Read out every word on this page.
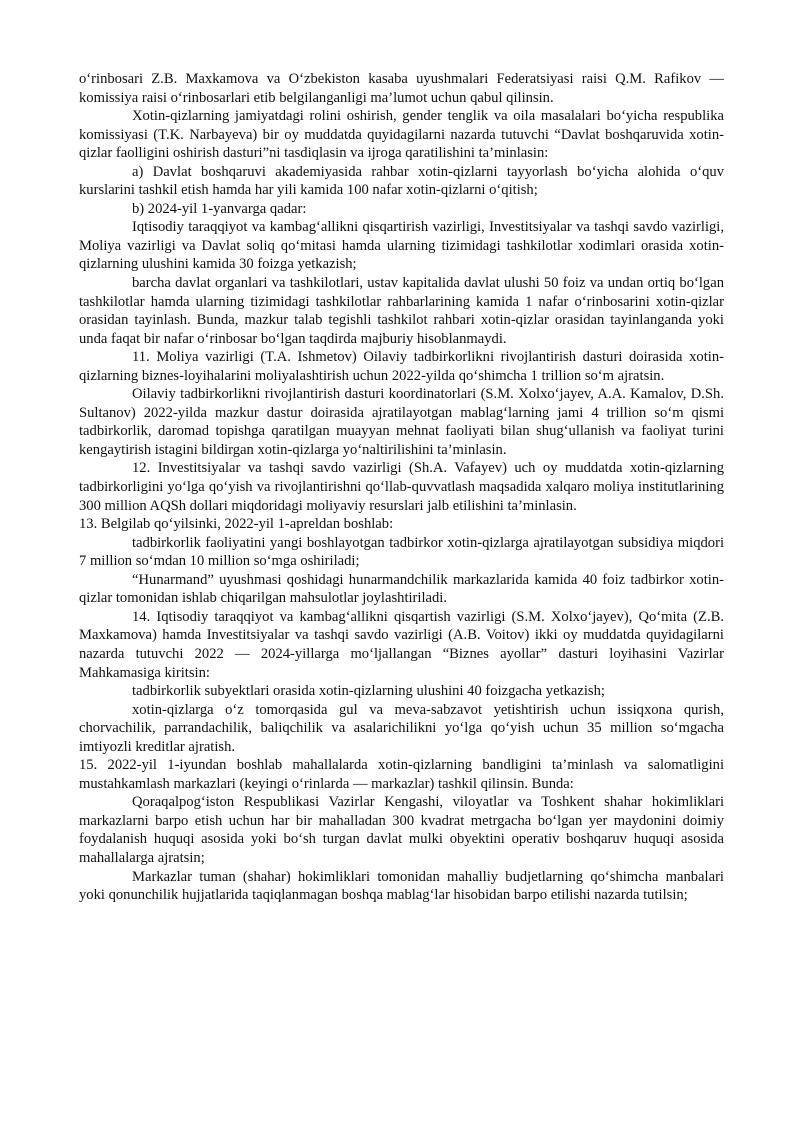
o‘rinbosari Z.B. Maxkamova va O‘zbekiston kasaba uyushmalari Federatsiyasi raisi Q.M. Rafikov — komissiya raisi o‘rinbosarlari etib belgilanganligi ma’lumot uchun qabul qilinsin.

Xotin-qizlarning jamiyatdagi rolini oshirish, gender tenglik va oila masalalari bo‘yicha respublika komissiyasi (T.K. Narbayeva) bir oy muddatda quyidagilarni nazarda tutuvchi “Davlat boshqaruvida xotin-qizlar faolligini oshirish dasturi”ni tasdiqlasin va ijroga qaratilishini ta’minlasin:

a) Davlat boshqaruvi akademiyasida rahbar xotin-qizlarni tayyorlash bo‘yicha alohida o‘quv kurslarini tashkil etish hamda har yili kamida 100 nafar xotin-qizlarni o‘qitish;

b) 2024-yil 1-yanvarga qadar:

Iqtisodiy taraqqiyot va kambag‘allikni qisqartirish vazirligi, Investitsiyalar va tashqi savdo vazirligi, Moliya vazirligi va Davlat soliq qo‘mitasi hamda ularning tizimidagi tashkilotlar xodimlari orasida xotin-qizlarning ulushini kamida 30 foizga yetkazish;

barcha davlat organlari va tashkilotlari, ustav kapitalida davlat ulushi 50 foiz va undan ortiq bo‘lgan tashkilotlar hamda ularning tizimidagi tashkilotlar rahbarlarining kamida 1 nafar o‘rinbosarini xotin-qizlar orasidan tayinlash. Bunda, mazkur talab tegishli tashkilot rahbari xotin-qizlar orasidan tayinlanganda yoki unda faqat bir nafar o‘rinbosar bo‘lgan taqdirda majburiy hisoblanmaydi.

11. Moliya vazirligi (T.A. Ishmetov) Oilaviy tadbirkorlikni rivojlantirish dasturi doirasida xotin-qizlarning biznes-loyihalarini moliyalashtirish uchun 2022-yilda qo‘shimcha 1 trillion so‘m ajratsin.

Oilaviy tadbirkorlikni rivojlantirish dasturi koordinatorlari (S.M. Xolxo‘jayev, A.A. Kamalov, D.Sh. Sultanov) 2022-yilda mazkur dastur doirasida ajratilayotgan mablag‘larning jami 4 trillion so‘m qismi tadbirkorlik, daromad topishga qaratilgan muayyan mehnat faoliyati bilan shug‘ullanish va faoliyat turini kengaytirish istagini bildirgan xotin-qizlarga yo‘naltirilishini ta’minlasin.

12. Investitsiyalar va tashqi savdo vazirligi (Sh.A. Vafayev) uch oy muddatda xotin-qizlarning tadbirkorligini yo‘lga qo‘yish va rivojlantirishni qo‘llab-quvvatlash maqsadida xalqaro moliya institutlarining 300 million AQSh dollari miqdoridagi moliyaviy resurslari jalb etilishini ta’minlasin.

13. Belgilab qo‘yilsinki, 2022-yil 1-apreldan boshlab:

tadbirkorlik faoliyatini yangi boshlayotgan tadbirkor xotin-qizlarga ajratilayotgan subsidiya miqdori 7 million so‘mdan 10 million so‘mga oshiriladi;

“Hunarmand” uyushmasi qoshidagi hunarmandchilik markazlarida kamida 40 foiz tadbirkor xotin-qizlar tomonidan ishlab chiqarilgan mahsulotlar joylashtiriladi.

14. Iqtisodiy taraqqiyot va kambag‘allikni qisqartish vazirligi (S.M. Xolxo‘jayev), Qo‘mita (Z.B. Maxkamova) hamda Investitsiyalar va tashqi savdo vazirligi (A.B. Voitov) ikki oy muddatda quyidagilarni nazarda tutuvchi 2022 — 2024-yillarga mo‘ljallangan “Biznes ayollar” dasturi loyihasini Vazirlar Mahkamasiga kiritsin:

tadbirkorlik subyektlari orasida xotin-qizlarning ulushini 40 foizgacha yetkazish;

xotin-qizlarga o‘z tomorqasida gul va meva-sabzavot yetishtirish uchun issiqxona qurish, chorvachilik, parrandachilik, baliqchilik va asalarichilikni yo‘lga qo‘yish uchun 35 million so‘mgacha imtiyozli kreditlar ajratish.

15. 2022-yil 1-iyundan boshlab mahallalarda xotin-qizlarning bandligini ta’minlash va salomatligini mustahkamlash markazlari (keyingi o‘rinlarda — markazlar) tashkil qilinsin. Bunda:

Qoraqalpog‘iston Respublikasi Vazirlar Kengashi, viloyatlar va Toshkent shahar hokimliklari markazlarni barpo etish uchun har bir mahalladan 300 kvadrat metrgacha bo‘lgan yer maydonini doimiy foydalanish huquqi asosida yoki bo‘sh turgan davlat mulki obyektini operativ boshqaruv huquqi asosida mahallalarga ajratsin;

Markazlar tuman (shahar) hokimliklari tomonidan mahalliy budjetlarning qo‘shimcha manbalari yoki qonunchilik hujjatlarida taqiqlanmagan boshqa mablag‘lar hisobidan barpo etilishi nazarda tutilsin;
